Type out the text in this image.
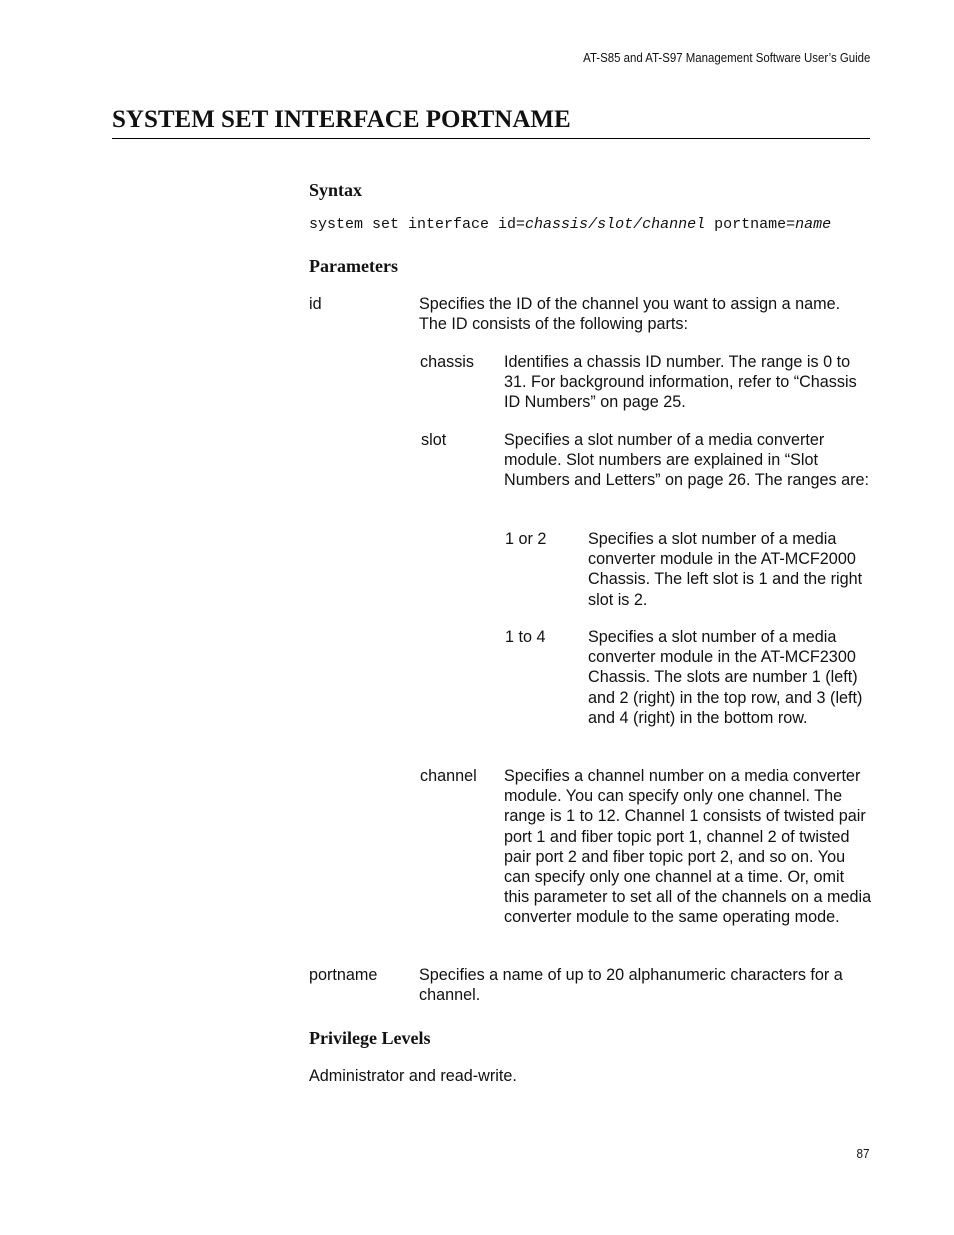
AT-S85 and AT-S97 Management Software User’s Guide
SYSTEM SET INTERFACE PORTNAME
Syntax
system set interface id=chassis/slot/channel portname=name
Parameters
id	Specifies the ID of the channel you want to assign a name. The ID consists of the following parts:
chassis Identifies a chassis ID number. The range is 0 to 31. For background information, refer to “Chassis ID Numbers” on page 25.
slot	Specifies a slot number of a media converter module. Slot numbers are explained in “Slot Numbers and Letters” on page 26. The ranges are:
1 or 2	Specifies a slot number of a media converter module in the AT-MCF2000 Chassis. The left slot is 1 and the right slot is 2.
1 to 4	Specifies a slot number of a media converter module in the AT-MCF2300 Chassis. The slots are number 1 (left) and 2 (right) in the top row, and 3 (left) and 4 (right) in the bottom row.
channel Specifies a channel number on a media converter module. You can specify only one channel. The range is 1 to 12. Channel 1 consists of twisted pair port 1 and fiber topic port 1, channel 2 of twisted pair port 2 and fiber topic port 2, and so on. You can specify only one channel at a time. Or, omit this parameter to set all of the channels on a media converter module to the same operating mode.
portname	Specifies a name of up to 20 alphanumeric characters for a channel.
Privilege Levels
Administrator and read-write.
87
